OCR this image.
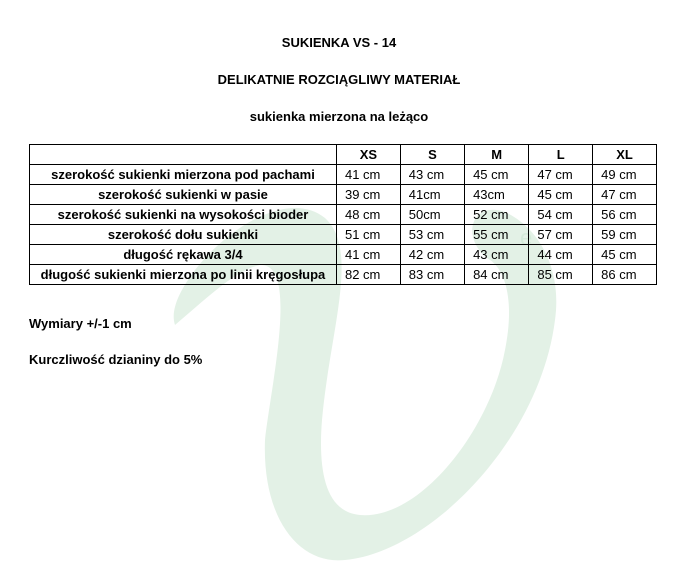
e

SUKIENKA VS - 14

DELIKATNIE ROZCIĄGLIWY MATERIAŁ

sukienka mierzona na leżąco

	XS	S	M	L	XL
szerokość sukienki mierzona pod pachami	41 cm	43 cm	45 cm	47 cm	49 cm
szerokość sukienki w pasie	39 cm	41cm	43cm	45 cm	47 cm
szerokość sukienki na wysokości bioder	48 cm	50cm	52 cm	54 cm	56 cm
szerokość dołu sukienki	51 cm	53 cm	55 cm	57 cm	59 cm
długość rękawa 3/4	41 cm	42 cm	43 cm	44 cm	45 cm
długość sukienki mierzona po linii kręgosłupa	82 cm	83 cm	84 cm	85 cm	86 cm

Wymiary +/-1 cm

Kurczliwość dzianiny do 5%
